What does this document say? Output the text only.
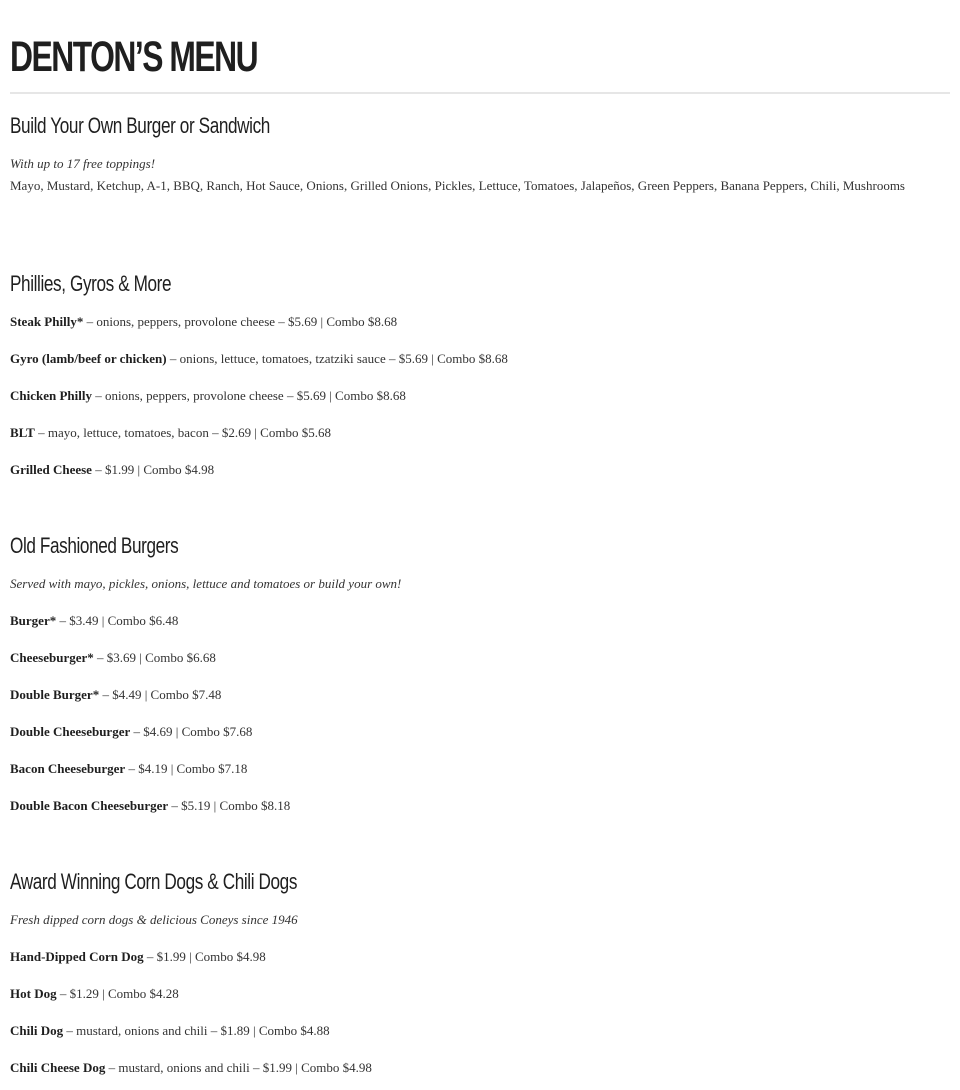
DENTON’S MENU
Build Your Own Burger or Sandwich

With up to 17 free toppings!

Mayo, Mustard, Ketchup, A-1, BBQ, Ranch, Hot Sauce, Onions, Grilled Onions, Pickles, Lettuce, Tomatoes, Jalapeños, Green Peppers, Banana Peppers, Chili, Mushrooms

Phillies, Gyros & More

Steak Philly* – onions, peppers, provolone cheese – $5.69 | Combo $8.68

Gyro (lamb/beef or chicken) – onions, lettuce, tomatoes, tzatziki sauce – $5.69 | Combo $8.68

Chicken Philly – onions, peppers, provolone cheese – $5.69 | Combo $8.68

BLT – mayo, lettuce, tomatoes, bacon – $2.69 | Combo $5.68

Grilled Cheese – $1.99 | Combo $4.98

Old Fashioned Burgers

Served with mayo, pickles, onions, lettuce and tomatoes or build your own!

Burger* – $3.49 | Combo $6.48

Cheeseburger* – $3.69 | Combo $6.68

Double Burger* – $4.49 | Combo $7.48

Double Cheeseburger – $4.69 | Combo $7.68

Bacon Cheeseburger – $4.19 | Combo $7.18

Double Bacon Cheeseburger – $5.19 | Combo $8.18

Award Winning Corn Dogs & Chili Dogs

Fresh dipped corn dogs & delicious Coneys since 1946

Hand-Dipped Corn Dog – $1.99 | Combo $4.98

Hot Dog – $1.29 | Combo $4.28

Chili Dog – mustard, onions and chili – $1.89 | Combo $4.88

Chili Cheese Dog – mustard, onions and chili – $1.99 | Combo $4.98
